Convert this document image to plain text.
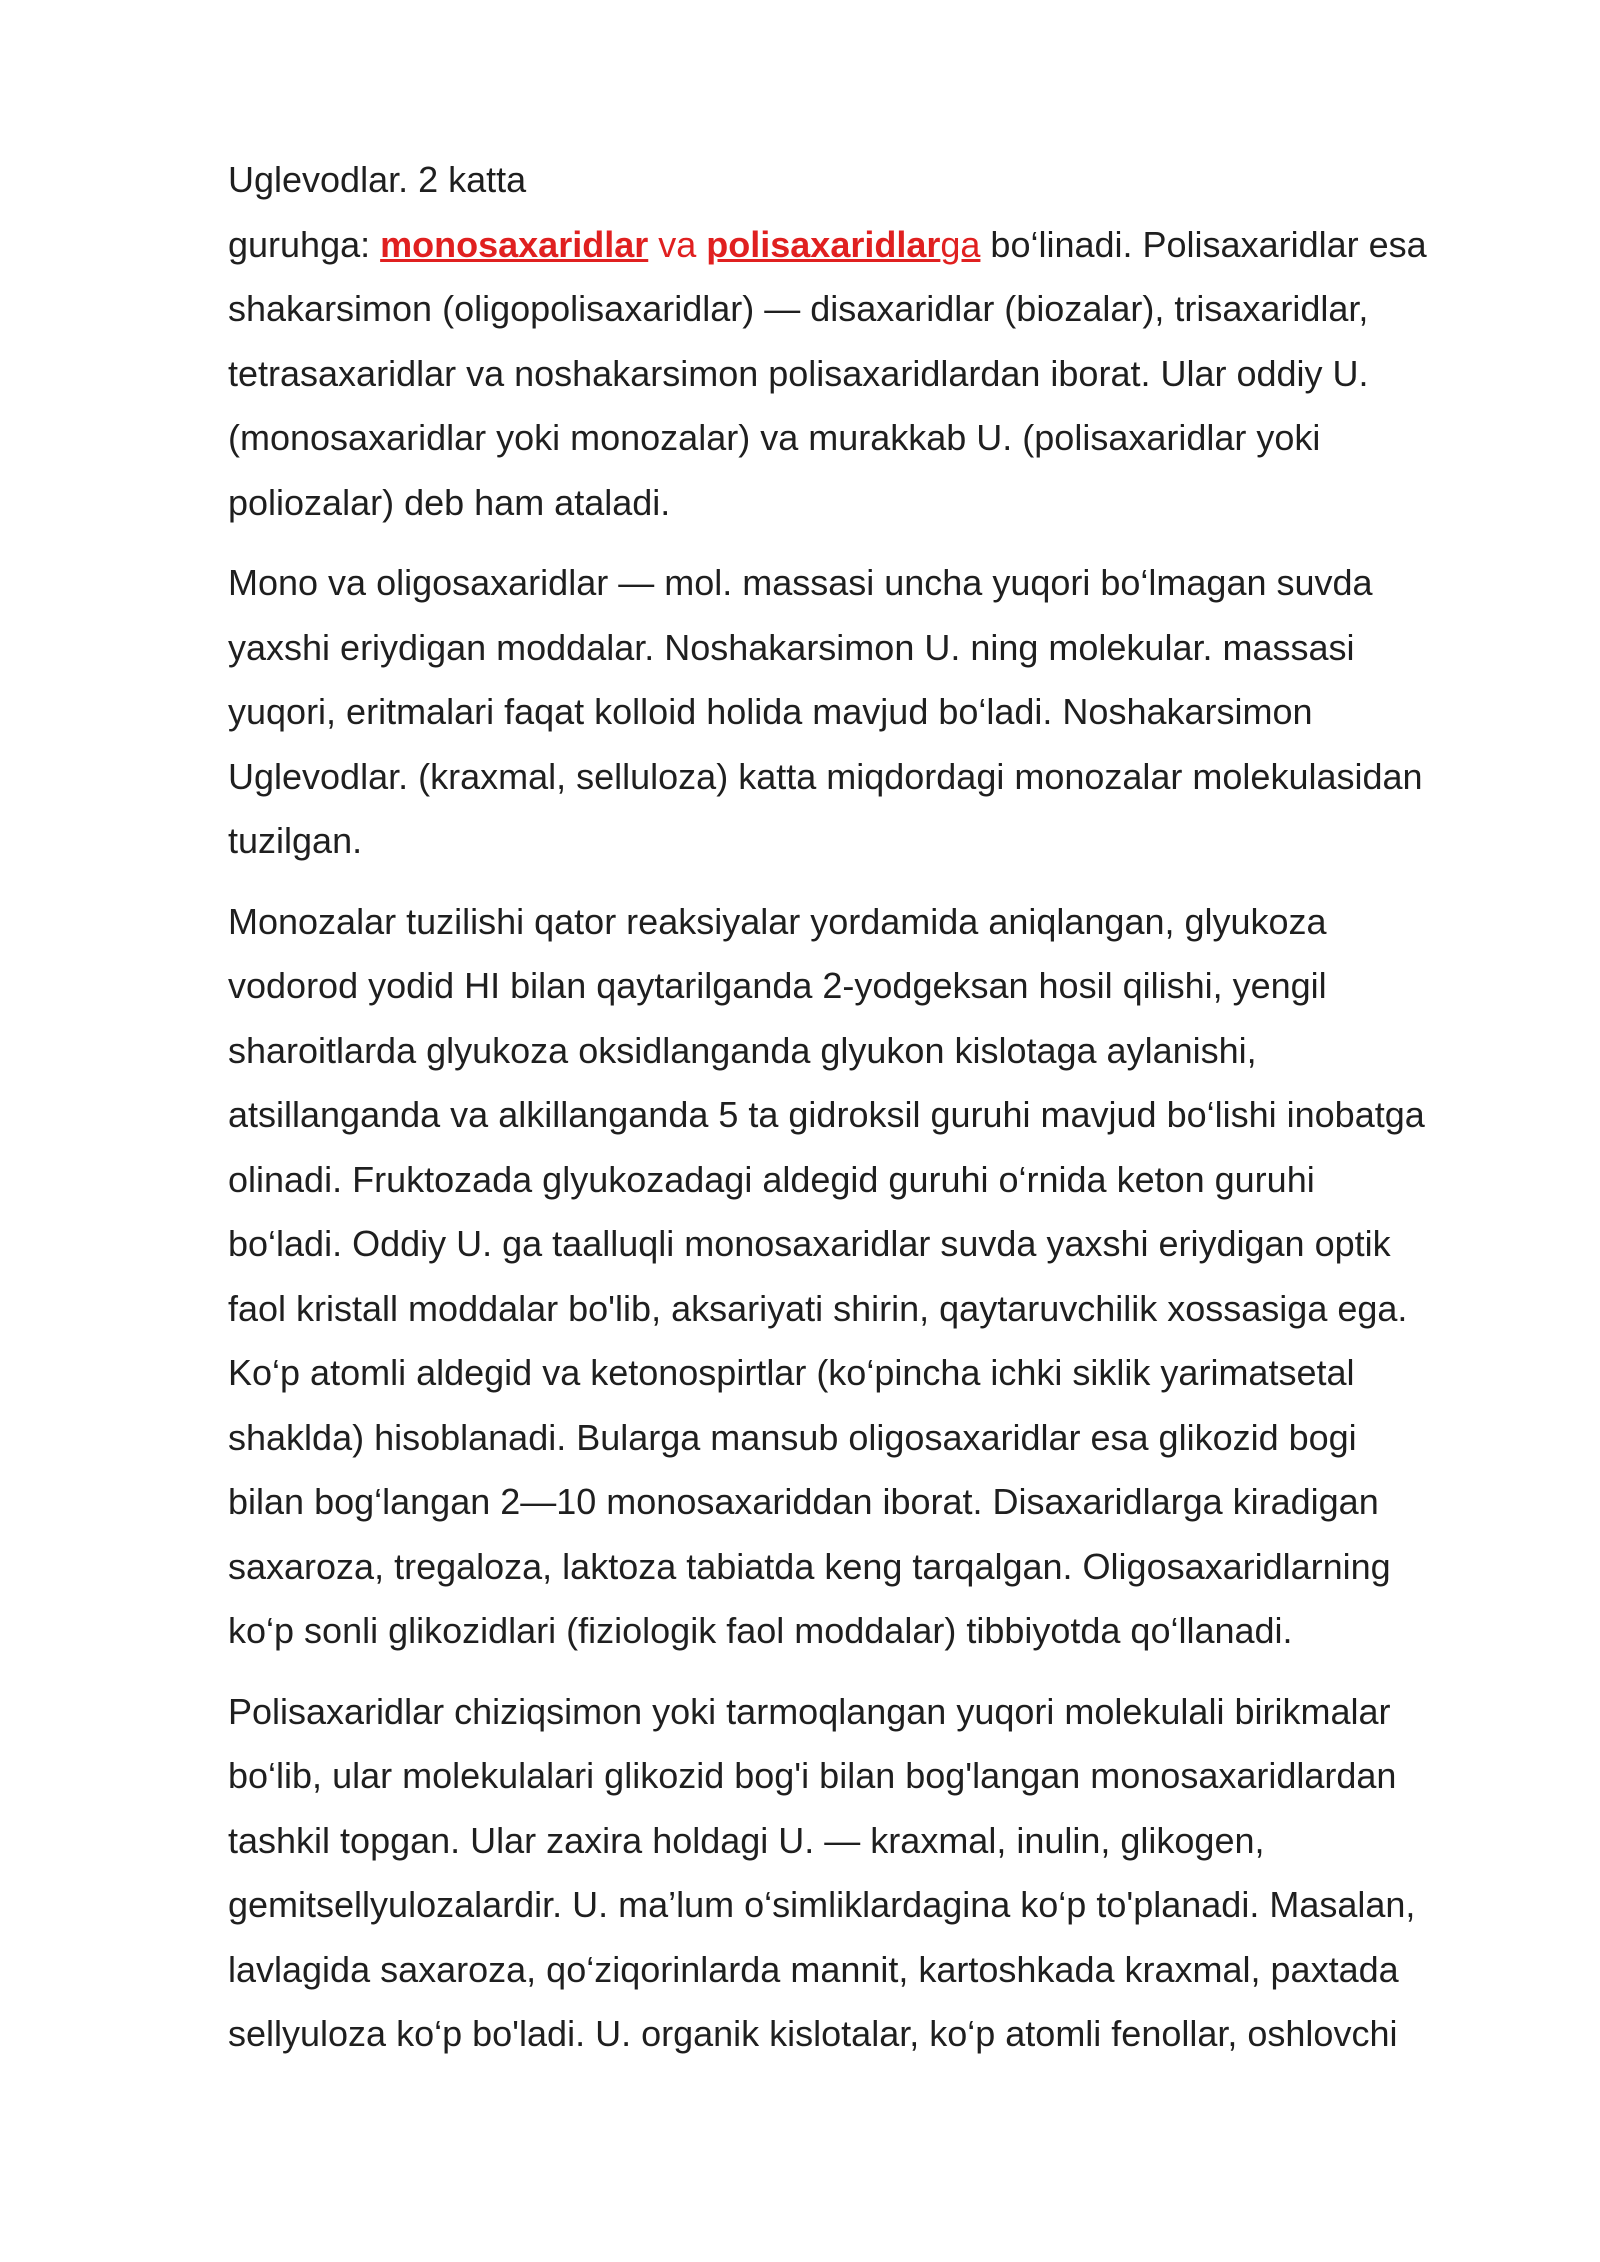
Uglevodlar. 2 katta
guruhga: monosaxaridlar va polisaxaridlarga bo‘linadi. Polisaxaridlar esa
shakarsimon (oligopolisaxaridlar) — disaxaridlar (biozalar), trisaxaridlar,
tetrasaxaridlar va noshakarsimon polisaxaridlardan iborat. Ular oddiy U.
(monosaxaridlar yoki monozalar) va murakkab U. (polisaxaridlar yoki
poliozalar) deb ham ataladi.
Mono va oligosaxaridlar — mol. massasi uncha yuqori bo‘lmagan suvda
yaxshi eriydigan moddalar. Noshakarsimon U. ning molekular. massasi
yuqori, eritmalari faqat kolloid holida mavjud bo‘ladi. Noshakarsimon
Uglevodlar. (kraxmal, selluloza) katta miqdordagi monozalar molekulasidan
tuzilgan.
Monozalar tuzilishi qator reaksiyalar yordamida aniqlangan, glyukoza
vodorod yodid HI bilan qaytarilganda 2-yodgeksan hosil qilishi, yengil
sharoitlarda glyukoza oksidlanganda glyukon kislotaga aylanishi,
atsillanganda va alkillanganda 5 ta gidroksil guruhi mavjud bo‘lishi inobatga
olinadi. Fruktozada glyukozadagi aldegid guruhi o‘rnida keton guruhi
bo‘ladi. Oddiy U. ga taalluqli monosaxaridlar suvda yaxshi eriydigan optik
faol kristall moddalar bo'lib, aksariyati shirin, qaytaruvchilik xossasiga ega.
Ko‘p atomli aldegid va ketonospirtlar (ko‘pincha ichki siklik yarimatsetal
shaklda) hisoblanadi. Bularga mansub oligosaxaridlar esa glikozid bogi
bilan bog‘langan 2—10 monosaxariddan iborat. Disaxaridlarga kiradigan
saxaroza, tregaloza, laktoza tabiatda keng tarqalgan. Oligosaxaridlarning
ko‘p sonli glikozidlari (fiziologik faol moddalar) tibbiyotda qo‘llanadi.
Polisaxaridlar chiziqsimon yoki tarmoqlangan yuqori molekulali birikmalar
bo‘lib, ular molekulalari glikozid bog'i bilan bog'langan monosaxaridlardan
tashkil topgan. Ular zaxira holdagi U. — kraxmal, inulin, glikogen,
gemitsellyulozalardir. U. ma’lum o‘simliklardagina ko‘p to'planadi. Masalan,
lavlagida saxaroza, qo‘ziqorinlarda mannit, kartoshkada kraxmal, paxtada
sellyuloza ko‘p bo'ladi. U. organik kislotalar, ko‘p atomli fenollar, oshlovchi
